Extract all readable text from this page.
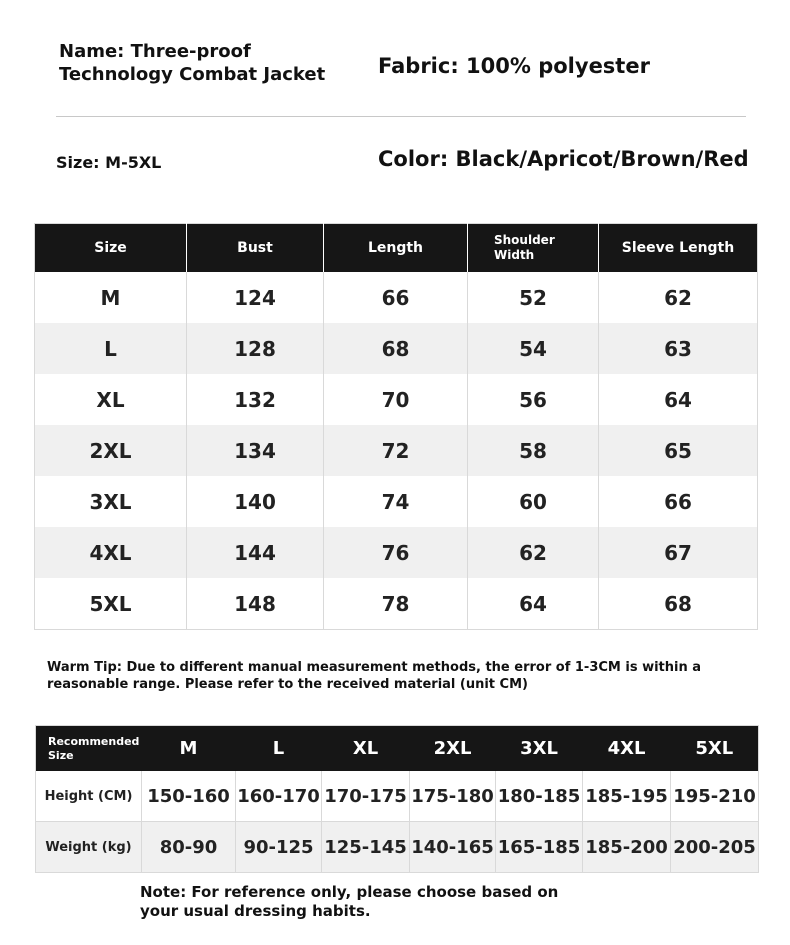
Name: Three-proof Technology Combat Jacket	Fabric: 100% polyester
Size: M-5XL	Color: Black/Apricot/Brown/Red
Size	Bust	Length	Shoulder Width	Sleeve Length
M	124	66	52	62
L	128	68	54	63
XL	132	70	56	64
2XL	134	72	58	65
3XL	140	74	60	66
4XL	144	76	62	67
5XL	148	78	64	68
Warm Tip: Due to different manual measurement methods, the error of 1-3CM is within a reasonable range. Please refer to the received material (unit CM)
Recommended Size	M	L	XL	2XL	3XL	4XL	5XL
Height (CM)	150-160	160-170	170-175	175-180	180-185	185-195	195-210
Weight (kg)	80-90	90-125	125-145	140-165	165-185	185-200	200-205
Note: For reference only, please choose based on your usual dressing habits.
